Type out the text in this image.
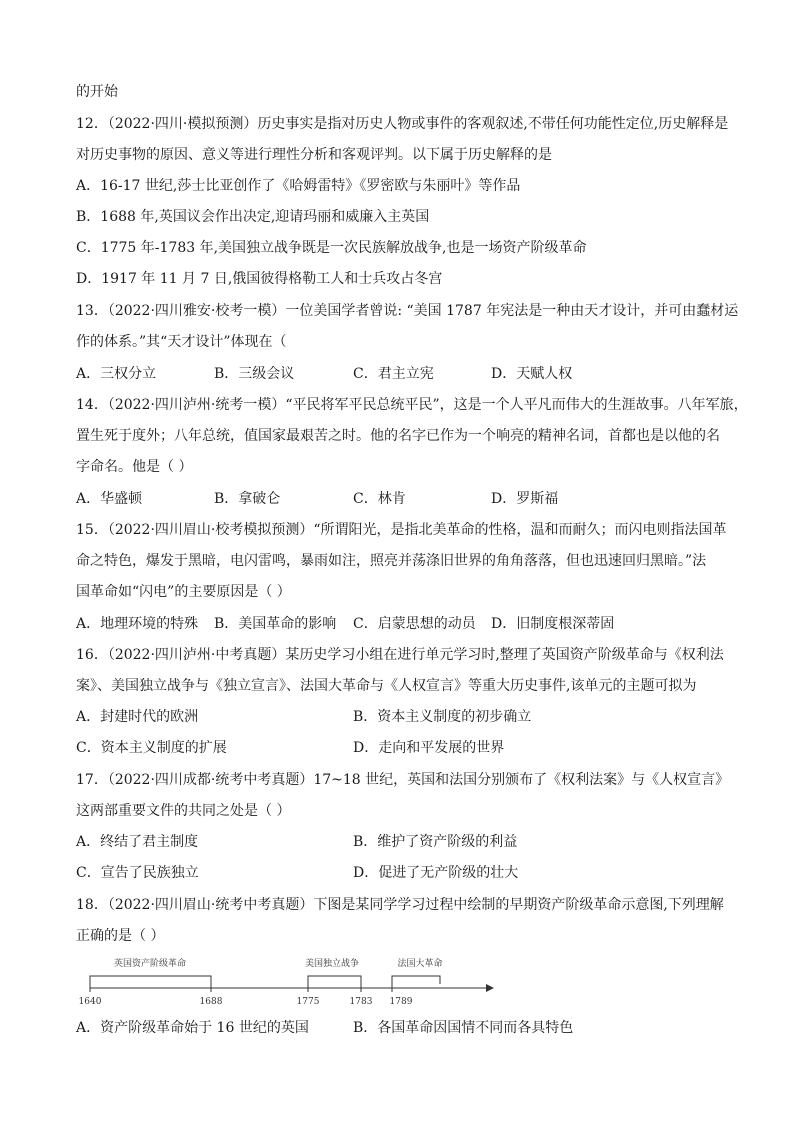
的开始
12．（2022·四川·模拟预测）历史事实是指对历史人物或事件的客观叙述,不带任何功能性定位,历史解释是
对历史事物的原因、意义等进行理性分析和客观评判。以下属于历史解释的是
A．16-17 世纪,莎士比亚创作了《哈姆雷特》《罗密欧与朱丽叶》等作品
B．1688 年,英国议会作出决定,迎请玛丽和威廉入主英国
C．1775 年-1783 年,美国独立战争既是一次民族解放战争,也是一场资产阶级革命
D．1917 年 11 月 7 日,俄国彼得格勒工人和士兵攻占冬宫
13．（2022·四川雅安·校考一模）一位美国学者曾说: “美国 1787 年宪法是一种由天才设计，并可由蠢材运
作的体系。”其“天才设计”体现在（
A．三权分立	B．三级会议	C．君主立宪	D．天赋人权
14．（2022·四川泸州·统考一模）“平民将军平民总统平民”，这是一个人平凡而伟大的生涯故事。八年军旅，
置生死于度外；八年总统，值国家最艰苦之时。他的名字已作为一个响亮的精神名词，首都也是以他的名
字命名。他是（ ）
A．华盛顿	B．拿破仑	C．林肯	D．罗斯福
15．（2022·四川眉山·校考模拟预测）“所谓阳光，是指北美革命的性格，温和而耐久；而闪电则指法国革
命之特色，爆发于黑暗，电闪雷鸣，暴雨如注，照亮并荡涤旧世界的角角落落，但也迅速回归黑暗。”法
国革命如“闪电”的主要原因是（ ）
A．地理环境的特殊 B．美国革命的影响 C．启蒙思想的动员 D．旧制度根深蒂固
16．（2022·四川泸州·中考真题）某历史学习小组在进行单元学习时,整理了英国资产阶级革命与《权利法
案》、美国独立战争与《独立宣言》、法国大革命与《人权宣言》等重大历史事件,该单元的主题可拟为
A．封建时代的欧洲	B．资本主义制度的初步确立
C．资本主义制度的扩展	D．走向和平发展的世界
17．（2022·四川成都·统考中考真题）17~18 世纪，英国和法国分别颁布了《权利法案》与《人权宣言》
这两部重要文件的共同之处是（ ）
A．终结了君主制度	B．维护了资产阶级的利益
C．宣告了民族独立	D．促进了无产阶级的壮大
18．（2022·四川眉山·统考中考真题）下图是某同学学习过程中绘制的早期资产阶级革命示意图,下列理解
正确的是（ ）
英国资产阶级革命	美国独立战争	法国大革命
1640	1688	1775	1783 1789
A．资产阶级革命始于 16 世纪的英国	B．各国革命因国情不同而各具特色
